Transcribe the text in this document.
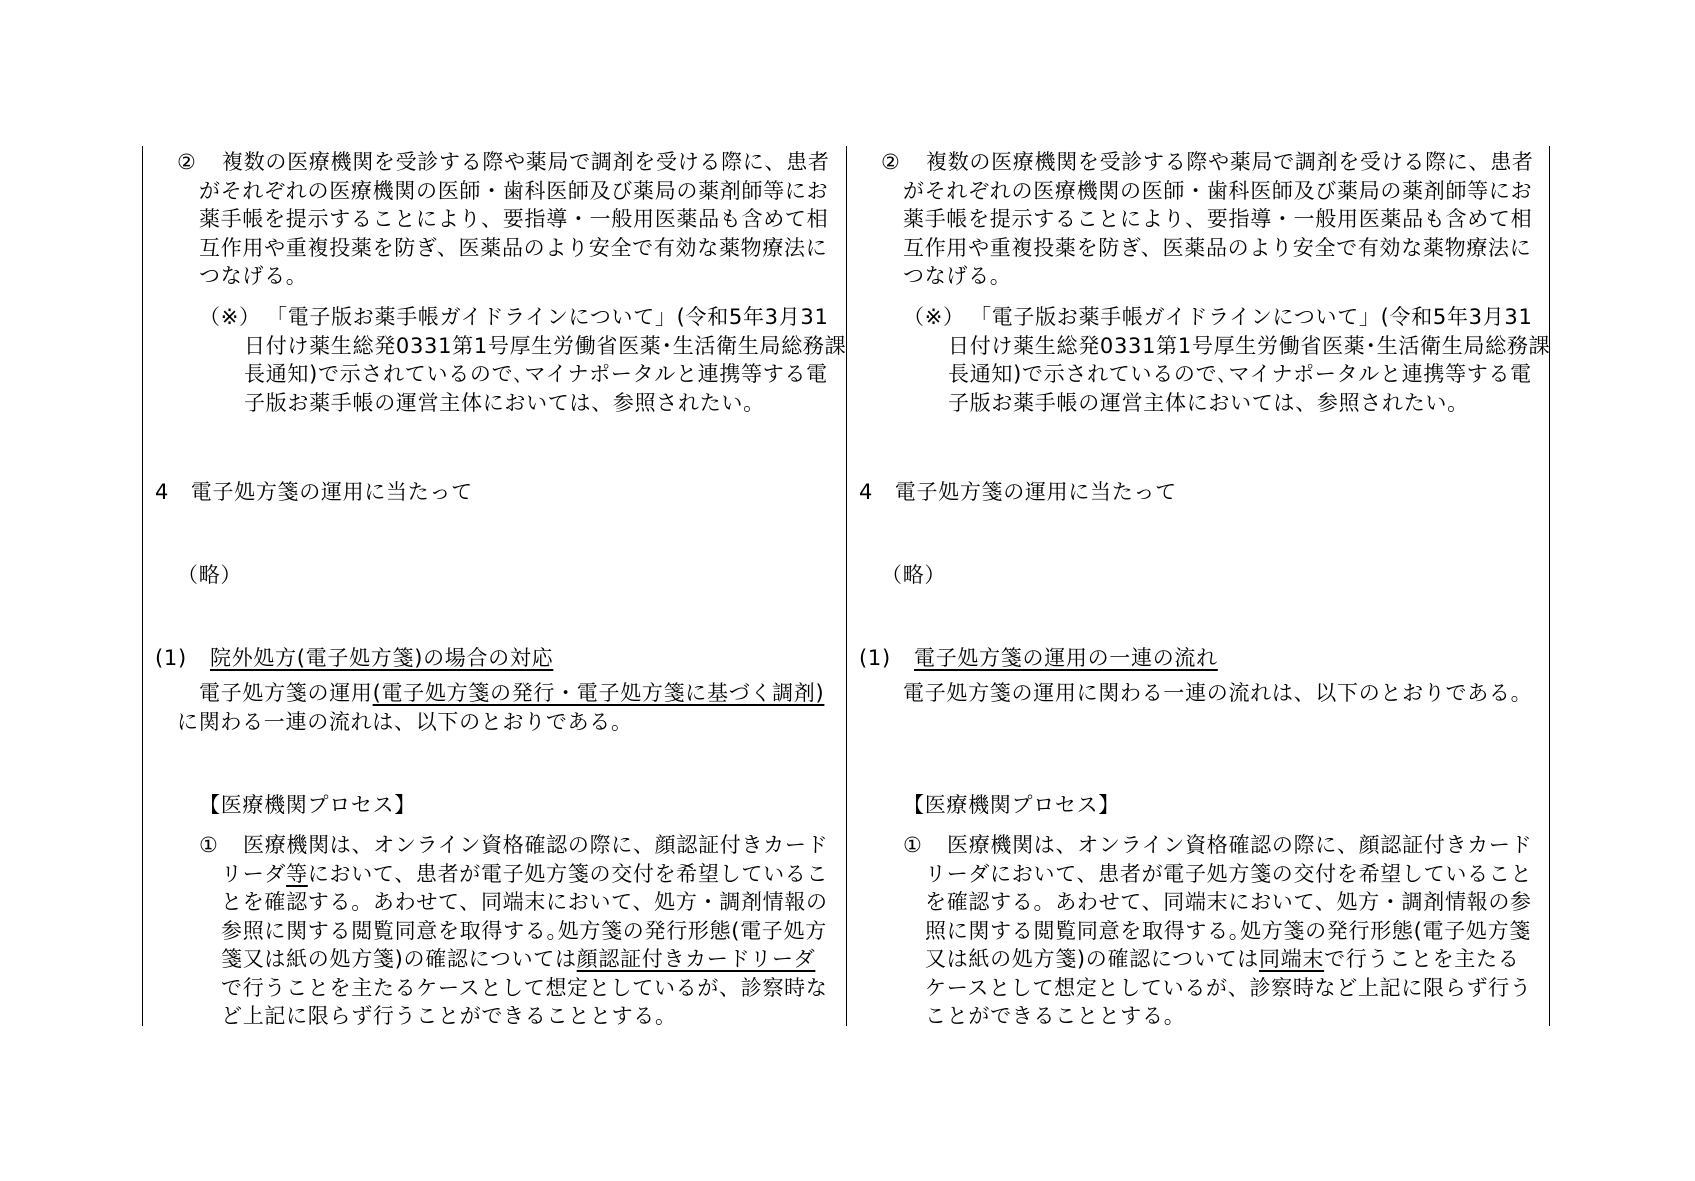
② 複数の医療機関を受診する際や薬局で調剤を受ける際に、患者
がそれぞれの医療機関の医師・歯科医師及び薬局の薬剤師等にお
薬手帳を提示することにより、要指導・一般用医薬品も含めて相
互作用や重複投薬を防ぎ、医薬品のより安全で有効な薬物療法に
つなげる。
（※） 「電子版お薬手帳ガイドラインについて」(令和5年3月31
日付け薬生総発0331第1号厚生労働省医薬･生活衛生局総務課
長通知)で示されているので､マイナポータルと連携等する電
子版お薬手帳の運営主体においては、参照されたい。
4　電子処方箋の運用に当たって
（略）
(1) 院外処方(電子処方箋)の場合の対応
電子処方箋の運用(電子処方箋の発行・電子処方箋に基づく調剤)
に関わる一連の流れは、以下のとおりである。
【医療機関プロセス】
① 医療機関は、オンライン資格確認の際に、顔認証付きカード
リーダ等において、患者が電子処方箋の交付を希望しているこ
とを確認する。あわせて、同端末において、処方・調剤情報の
参照に関する閲覧同意を取得する｡処方箋の発行形態(電子処方
箋又は紙の処方箋)の確認については顔認証付きカードリーダ
で行うことを主たるケースとして想定としているが、診察時な
ど上記に限らず行うことができることとする。
② 複数の医療機関を受診する際や薬局で調剤を受ける際に、患者
がそれぞれの医療機関の医師・歯科医師及び薬局の薬剤師等にお
薬手帳を提示することにより、要指導・一般用医薬品も含めて相
互作用や重複投薬を防ぎ、医薬品のより安全で有効な薬物療法に
つなげる。
（※） 「電子版お薬手帳ガイドラインについて」(令和5年3月31
日付け薬生総発0331第1号厚生労働省医薬･生活衛生局総務課
長通知)で示されているので､マイナポータルと連携等する電
子版お薬手帳の運営主体においては、参照されたい。
4　電子処方箋の運用に当たって
（略）
(1) 電子処方箋の運用の一連の流れ
電子処方箋の運用に関わる一連の流れは、以下のとおりである。
【医療機関プロセス】
① 医療機関は、オンライン資格確認の際に、顔認証付きカード
リーダにおいて、患者が電子処方箋の交付を希望していること
を確認する。あわせて、同端末において、処方・調剤情報の参
照に関する閲覧同意を取得する｡処方箋の発行形態(電子処方箋
又は紙の処方箋)の確認については同端末で行うことを主たる
ケースとして想定としているが、診察時など上記に限らず行う
ことができることとする。
